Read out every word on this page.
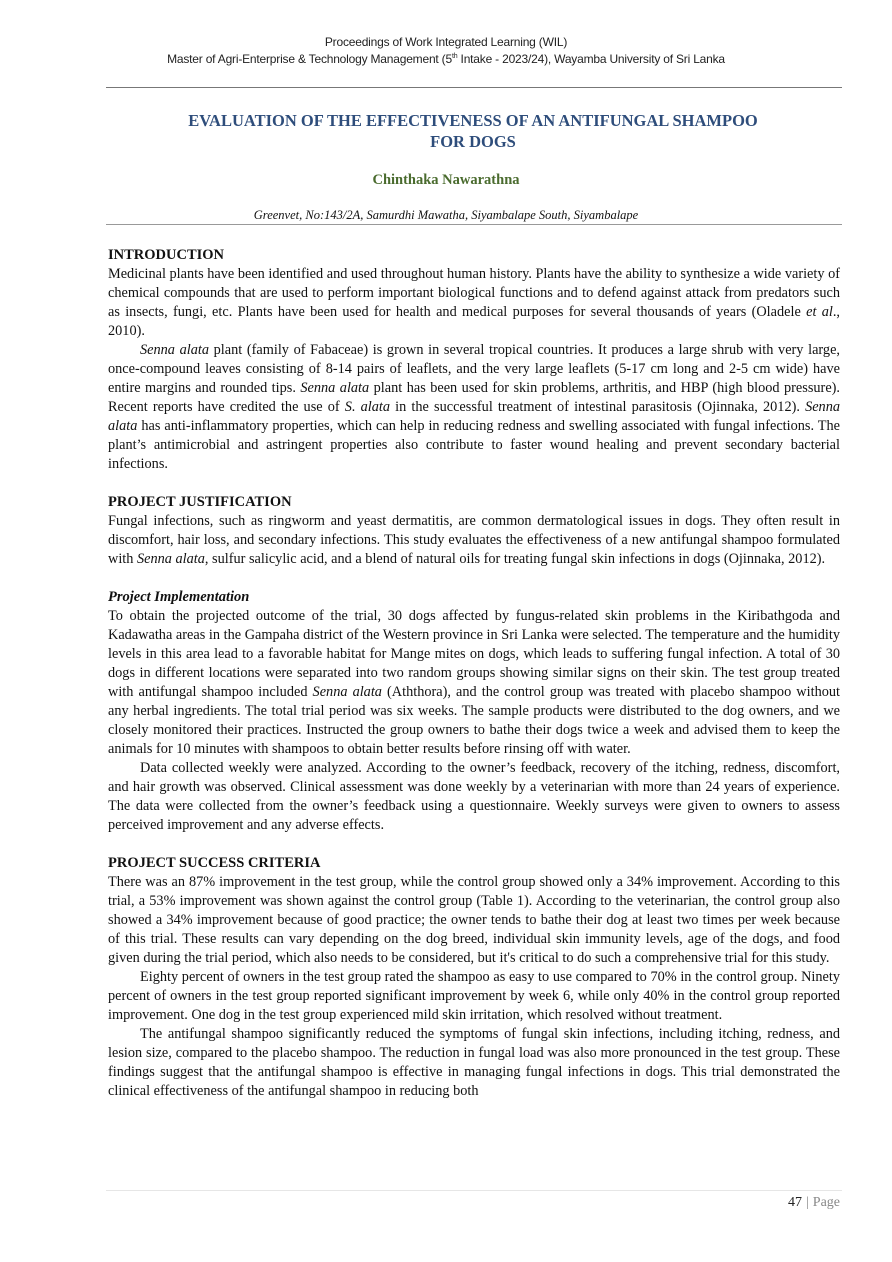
Proceedings of Work Integrated Learning (WIL)
Master of Agri-Enterprise & Technology Management (5th Intake - 2023/24), Wayamba University of Sri Lanka
EVALUATION OF THE EFFECTIVENESS OF AN ANTIFUNGAL SHAMPOO
FOR DOGS
Chinthaka Nawarathna
Greenvet, No:143/2A, Samurdhi Mawatha, Siyambalape South, Siyambalape
INTRODUCTION

Medicinal plants have been identified and used throughout human history. Plants have the ability to synthesize a wide variety of chemical compounds that are used to perform important biological functions and to defend against attack from predators such as insects, fungi, etc. Plants have been used for health and medical purposes for several thousands of years (Oladele et al., 2010).

Senna alata plant (family of Fabaceae) is grown in several tropical countries. It produces a large shrub with very large, once-compound leaves consisting of 8-14 pairs of leaflets, and the very large leaflets (5-17 cm long and 2-5 cm wide) have entire margins and rounded tips. Senna alata plant has been used for skin problems, arthritis, and HBP (high blood pressure). Recent reports have credited the use of S. alata in the successful treatment of intestinal parasitosis (Ojinnaka, 2012). Senna alata has anti-inflammatory properties, which can help in reducing redness and swelling associated with fungal infections. The plant’s antimicrobial and astringent properties also contribute to faster wound healing and prevent secondary bacterial infections.

PROJECT JUSTIFICATION

Fungal infections, such as ringworm and yeast dermatitis, are common dermatological issues in dogs. They often result in discomfort, hair loss, and secondary infections. This study evaluates the effectiveness of a new antifungal shampoo formulated with Senna alata, sulfur salicylic acid, and a blend of natural oils for treating fungal skin infections in dogs (Ojinnaka, 2012).

Project Implementation

To obtain the projected outcome of the trial, 30 dogs affected by fungus-related skin problems in the Kiribathgoda and Kadawatha areas in the Gampaha district of the Western province in Sri Lanka were selected. The temperature and the humidity levels in this area lead to a favorable habitat for Mange mites on dogs, which leads to suffering fungal infection. A total of 30 dogs in different locations were separated into two random groups showing similar signs on their skin. The test group treated with antifungal shampoo included Senna alata (Aththora), and the control group was treated with placebo shampoo without any herbal ingredients. The total trial period was six weeks. The sample products were distributed to the dog owners, and we closely monitored their practices. Instructed the group owners to bathe their dogs twice a week and advised them to keep the animals for 10 minutes with shampoos to obtain better results before rinsing off with water.

Data collected weekly were analyzed. According to the owner’s feedback, recovery of the itching, redness, discomfort, and hair growth was observed. Clinical assessment was done weekly by a veterinarian with more than 24 years of experience. The data were collected from the owner’s feedback using a questionnaire. Weekly surveys were given to owners to assess perceived improvement and any adverse effects.

PROJECT SUCCESS CRITERIA

There was an 87% improvement in the test group, while the control group showed only a 34% improvement. According to this trial, a 53% improvement was shown against the control group (Table 1). According to the veterinarian, the control group also showed a 34% improvement because of good practice; the owner tends to bathe their dog at least two times per week because of this trial. These results can vary depending on the dog breed, individual skin immunity levels, age of the dogs, and food given during the trial period, which also needs to be considered, but it's critical to do such a comprehensive trial for this study.

Eighty percent of owners in the test group rated the shampoo as easy to use compared to 70% in the control group. Ninety percent of owners in the test group reported significant improvement by week 6, while only 40% in the control group reported improvement. One dog in the test group experienced mild skin irritation, which resolved without treatment.

The antifungal shampoo significantly reduced the symptoms of fungal skin infections, including itching, redness, and lesion size, compared to the placebo shampoo. The reduction in fungal load was also more pronounced in the test group. These findings suggest that the antifungal shampoo is effective in managing fungal infections in dogs. This trial demonstrated the clinical effectiveness of the antifungal shampoo in reducing both

47 | Page
